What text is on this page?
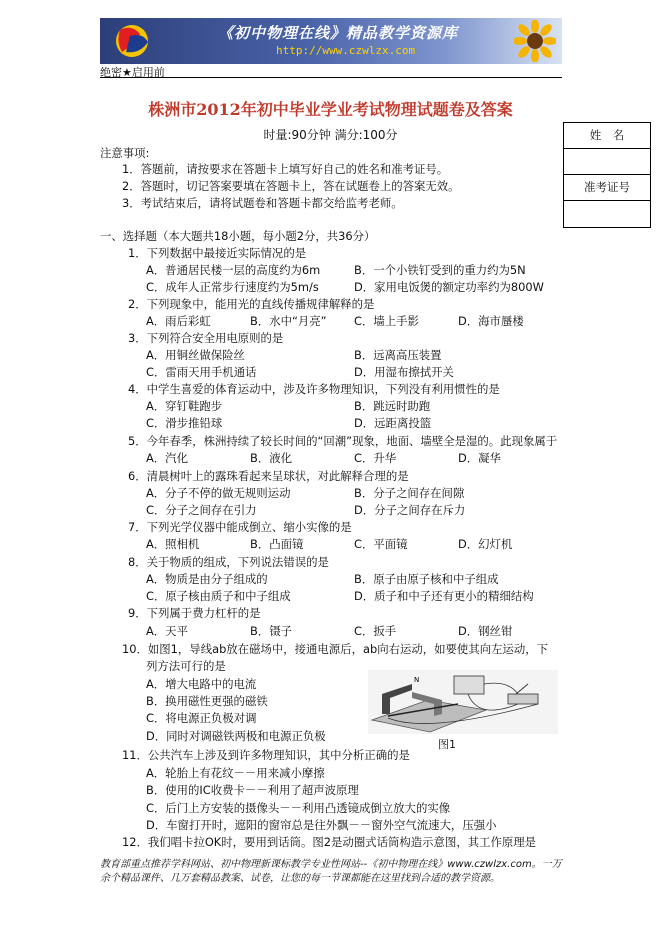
《初中物理在线》精品教学资源库
http://www.czwlzx.com
绝密★启用前
株洲市2012年初中毕业学业考试物理试题卷及答案
时量:90分钟 满分:100分	姓　名
准考证号
注意事项:
1．答题前，请按要求在答题卡上填写好自己的姓名和准考证号。
2．答题时，切记答案要填在答题卡上，答在试题卷上的答案无效。
3．考试结束后，请将试题卷和答题卡都交给监考老师。
一、选择题（本大题共18小题，每小题2分，共36分）
1．下列数据中最接近实际情况的是
A．普通居民楼一层的高度约为6m	B．一个小铁钉受到的重力约为5N
C．成年人正常步行速度约为5m/s	D．家用电饭煲的额定功率约为800W
2．下列现象中，能用光的直线传播规律解释的是
A．雨后彩虹	B．水中“月亮” C．墙上手影	D．海市蜃楼
3．下列符合安全用电原则的是
A．用铜丝做保险丝	B．远离高压装置
C．雷雨天用手机通话	D．用湿布擦拭开关
4．中学生喜爱的体育运动中，涉及许多物理知识，下列没有利用惯性的是
A．穿钉鞋跑步	B．跳远时助跑
C．滑步推铅球	D．远距离投篮
5．今年春季，株洲持续了较长时间的“回潮”现象，地面、墙壁全是湿的。此现象属于
A．汽化	B．液化	C．升华	D．凝华
6．清晨树叶上的露珠看起来呈球状，对此解释合理的是
A．分子不停的做无规则运动	B．分子之间存在间隙
C．分子之间存在引力	D．分子之间存在斥力
7．下列光学仪器中能成倒立、缩小实像的是
A．照相机	B．凸面镜	C．平面镜	D．幻灯机
8．关于物质的组成，下列说法错误的是
A．物质是由分子组成的	B．原子由原子核和中子组成
C．原子核由质子和中子组成	D．质子和中子还有更小的精细结构
9．下列属于费力杠杆的是
A．天平	B．镊子	C．扳手	D．钢丝钳
10．如图1，导线ab放在磁场中，接通电源后，ab向右运动，如要使其向左运动，下
列方法可行的是
A．增大电路中的电流
B．换用磁性更强的磁铁
C．将电源正负极对调
D．同时对调磁铁两极和电源正负极
N
图1
11．公共汽车上涉及到许多物理知识，其中分析正确的是
A．轮胎上有花纹－－用来减小摩擦
B．使用的IC收费卡－－利用了超声波原理
C．后门上方安装的摄像头－－利用凸透镜成倒立放大的实像
D．车窗打开时，遮阳的窗帘总是往外飘－－窗外空气流速大，压强小
12．我们唱卡拉OK时，要用到话筒。图2是动圈式话筒构造示意图，其工作原理是
教育部重点推荐学科网站、初中物理新课标教学专业性网站--《初中物理在线》www.czwlzx.com。一万余个精品课件、几万套精品教案、试卷，让您的每一节课都能在这里找到合适的教学资源。
